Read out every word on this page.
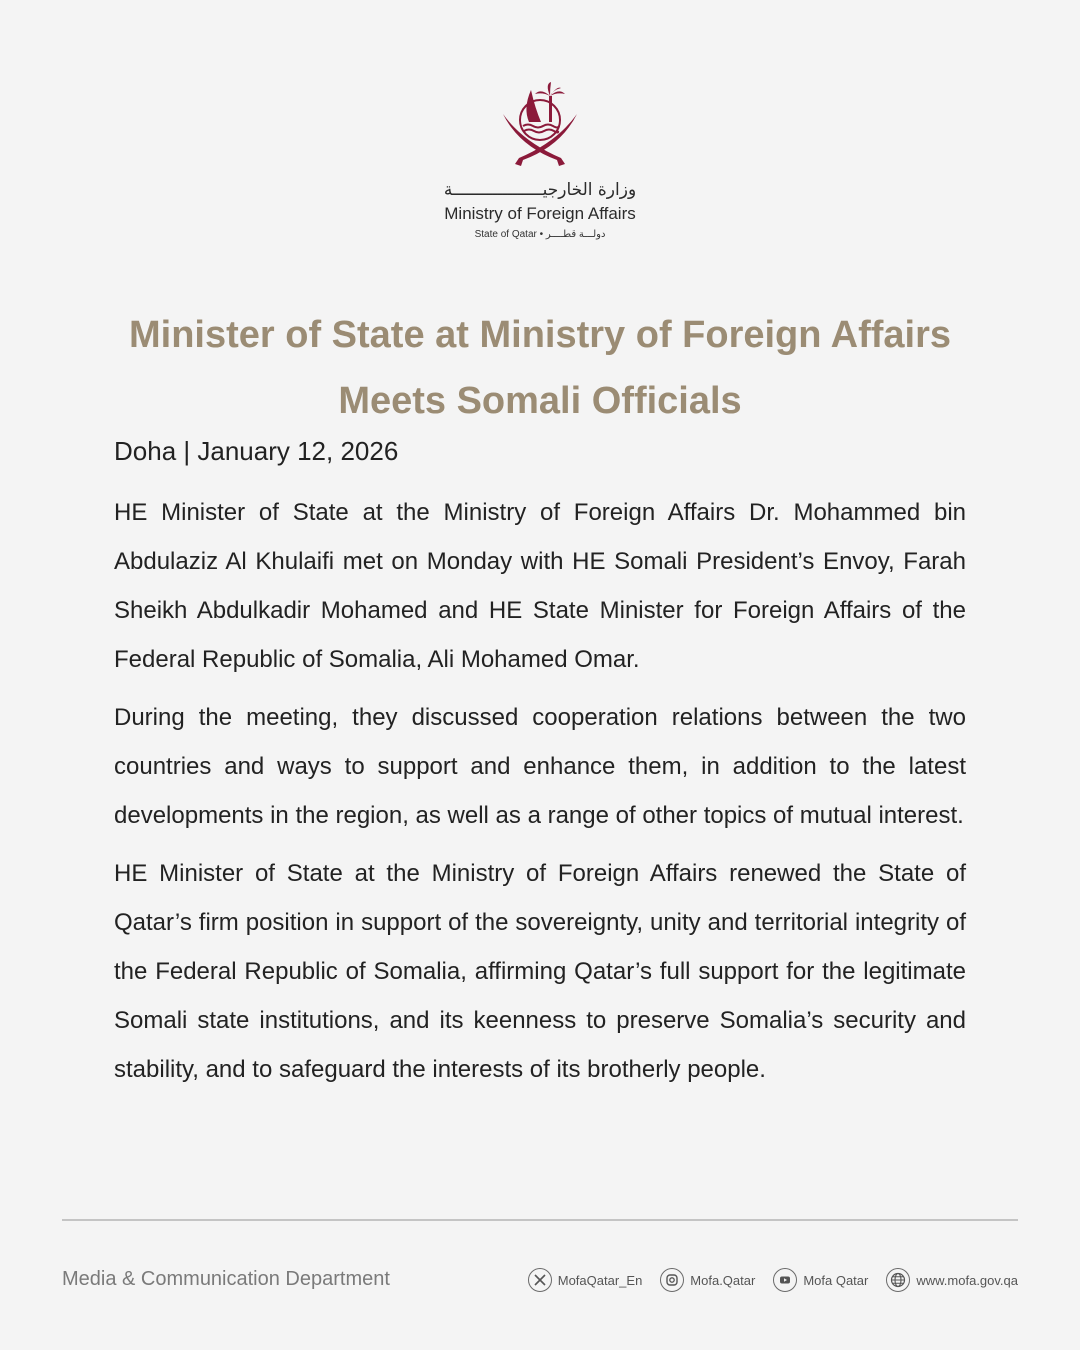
وزارة الخارجيــــــــــــــــــة
Ministry of Foreign Affairs
State of Qatar • دولـــة قطــــر
Minister of State at Ministry of Foreign Affairs
Meets Somali Officials
Doha | January 12, 2026

HE Minister of State at the Ministry of Foreign Affairs Dr. Mohammed bin Abdulaziz Al Khulaifi met on Monday with HE Somali President’s Envoy, Farah Sheikh Abdulkadir Mohamed and HE State Minister for Foreign Affairs of the Federal Republic of Somalia, Ali Mohamed Omar.

During the meeting, they discussed cooperation relations between the two countries and ways to support and enhance them, in addition to the latest developments in the region, as well as a range of other topics of mutual interest.

HE Minister of State at the Ministry of Foreign Affairs renewed the State of Qatar’s firm position in support of the sovereignty, unity and territorial integrity of the Federal Republic of Somalia, affirming Qatar’s full support for the legitimate Somali state institutions, and its keenness to preserve Somalia’s security and stability, and to safeguard the interests of its brotherly people.

Media & Communication Department	MofaQatar_En	Mofa.Qatar	Mofa Qatar	www.mofa.gov.qa
